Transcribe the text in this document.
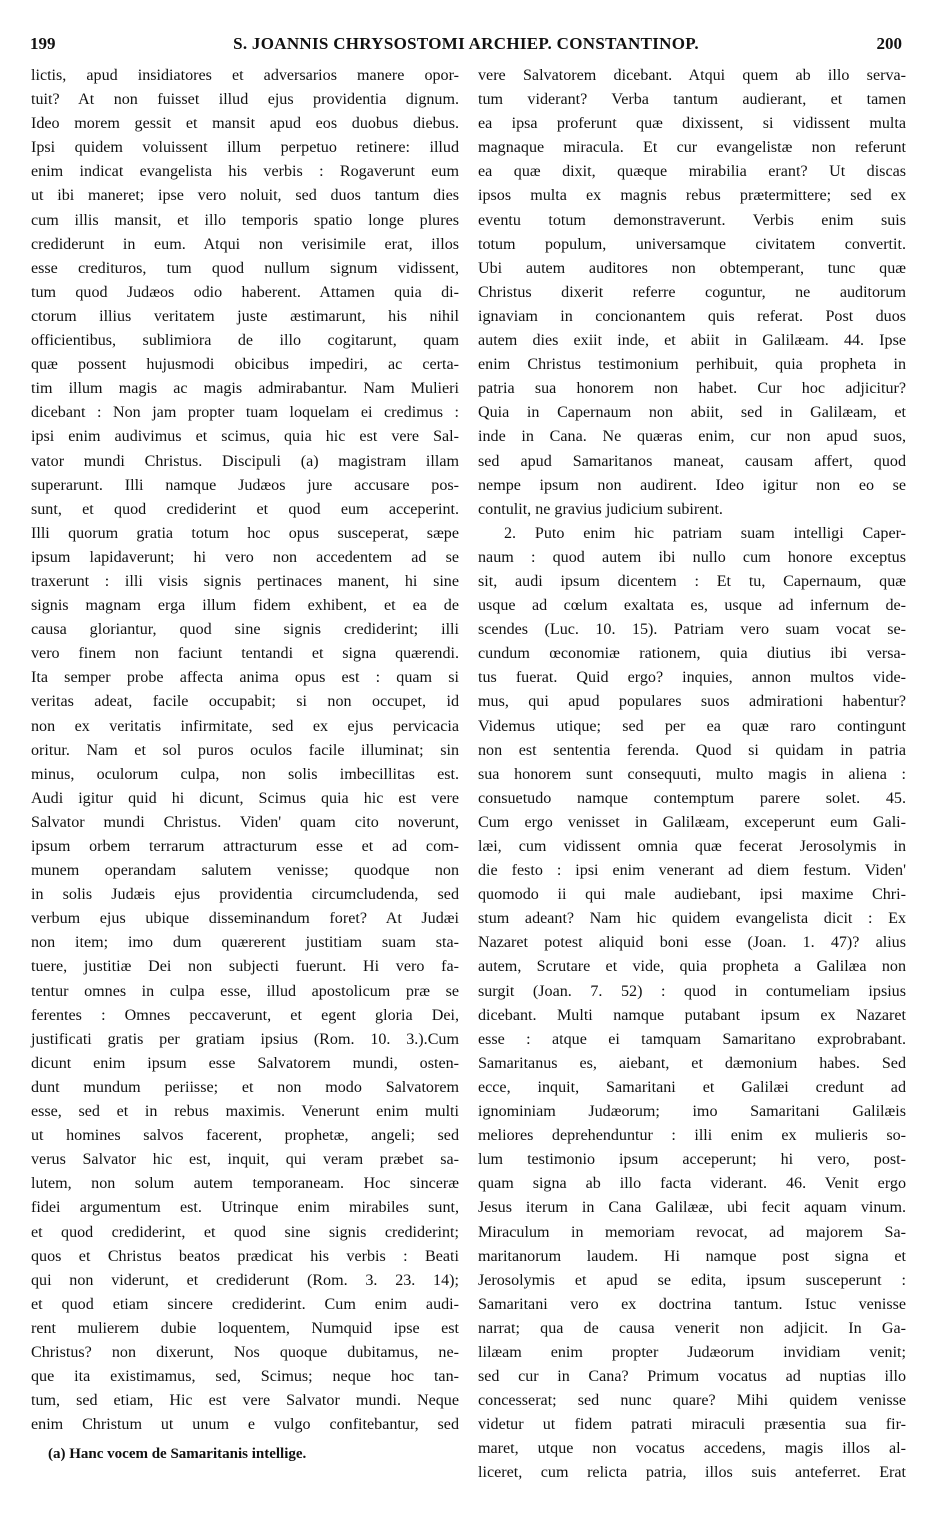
199	S. JOANNIS CHRYSOSTOMI ARCHIEP. CONSTANTINOP.	200
lictis, apud insidiatores et adversarios manere opor-
tuit? At non fuisset illud ejus providentia dignum.
Ideo morem gessit et mansit apud eos duobus diebus.
Ipsi quidem voluissent illum perpetuo retinere: illud
enim indicat evangelista his verbis : Rogaverunt eum
ut ibi maneret; ipse vero noluit, sed duos tantum dies
cum illis mansit, et illo temporis spatio longe plures
crediderunt in eum. Atqui non verisimile erat, illos
esse credituros, tum quod nullum signum vidissent,
tum quod Judæos odio haberent. Attamen quia di-
ctorum illius veritatem juste æstimarunt, his nihil
officientibus, sublimiora de illo cogitarunt, quam
quæ possent hujusmodi obicibus impediri, ac certa-
tim illum magis ac magis admirabantur. Nam Mulieri
dicebant : Non jam propter tuam loquelam ei credimus :
ipsi enim audivimus et scimus, quia hic est vere Sal-
vator mundi Christus. Discipuli (a) magistram illam
superarunt. Illi namque Judæos jure accusare pos-
sunt, et quod crediderint et quod eum acceperint.
Illi quorum gratia totum hoc opus susceperat, sæpe
ipsum lapidaverunt; hi vero non accedentem ad se
traxerunt : illi visis signis pertinaces manent, hi sine
signis magnam erga illum fidem exhibent, et ea de
causa gloriantur, quod sine signis crediderint; illi
vero finem non faciunt tentandi et signa quærendi.
Ita semper probe affecta anima opus est : quam si
veritas adeat, facile occupabit; si non occupet, id
non ex veritatis infirmitate, sed ex ejus pervicacia
oritur. Nam et sol puros oculos facile illuminat; sin
minus, oculorum culpa, non solis imbecillitas est.
Audi igitur quid hi dicunt, Scimus quia hic est vere
Salvator mundi Christus. Viden' quam cito noverunt,
ipsum orbem terrarum attracturum esse et ad com-
munem operandam salutem venisse; quodque non
in solis Judæis ejus providentia circumcludenda, sed
verbum ejus ubique disseminandum foret? At Judæi
non item; imo dum quærerent justitiam suam sta-
tuere, justitiæ Dei non subjecti fuerunt. Hi vero fa-
tentur omnes in culpa esse, illud apostolicum præ se
ferentes : Omnes peccaverunt, et egent gloria Dei,
justificati gratis per gratiam ipsius (Rom. 10. 3.).Cum
dicunt enim ipsum esse Salvatorem mundi, osten-
dunt mundum periisse; et non modo Salvatorem
esse, sed et in rebus maximis. Venerunt enim multi
ut homines salvos facerent, prophetæ, angeli; sed
verus Salvator hic est, inquit, qui veram præbet sa-
lutem, non solum autem temporaneam. Hoc sinceræ
fidei argumentum est. Utrinque enim mirabiles sunt,
et quod crediderint, et quod sine signis crediderint;
quos et Christus beatos prædicat his verbis : Beati
qui non viderunt, et crediderunt (Rom. 3. 23. 14);
et quod etiam sincere crediderint. Cum enim audi-
rent mulierem dubie loquentem, Numquid ipse est
Christus? non dixerunt, Nos quoque dubitamus, ne-
que ita existimamus, sed, Scimus; neque hoc tan-
tum, sed etiam, Hic est vere Salvator mundi. Neque
enim Christum ut unum e vulgo confitebantur, sed
vere Salvatorem dicebant. Atqui quem ab illo serva-
tum viderant? Verba tantum audierant, et tamen
ea ipsa proferunt quæ dixissent, si vidissent multa
magnaque miracula. Et cur evangelistæ non referunt
ea quæ dixit, quæque mirabilia erant? Ut discas
ipsos multa ex magnis rebus prætermittere; sed ex
eventu totum demonstraverunt. Verbis enim suis
totum populum, universamque civitatem convertit.
Ubi autem auditores non obtemperant, tunc quæ
Christus dixerit referre coguntur, ne auditorum
ignaviam in concionantem quis referat. Post duos
autem dies exiit inde, et abiit in Galilæam. 44. Ipse
enim Christus testimonium perhibuit, quia propheta in
patria sua honorem non habet. Cur hoc adjicitur?
Quia in Capernaum non abiit, sed in Galilæam, et
inde in Cana. Ne quæras enim, cur non apud suos,
sed apud Samaritanos maneat, causam affert, quod
nempe ipsum non audirent. Ideo igitur non eo se
contulit, ne gravius judicium subirent.
2. Puto enim hic patriam suam intelligi Caper-
naum : quod autem ibi nullo cum honore exceptus
sit, audi ipsum dicentem : Et tu, Capernaum, quæ
usque ad cœlum exaltata es, usque ad infernum de-
scendes (Luc. 10. 15). Patriam vero suam vocat se-
cundum œconomiæ rationem, quia diutius ibi versa-
tus fuerat. Quid ergo? inquies, annon multos vide-
mus, qui apud populares suos admirationi habentur?
Videmus utique; sed per ea quæ raro contingunt
non est sententia ferenda. Quod si quidam in patria
sua honorem sunt consequuti, multo magis in aliena :
consuetudo namque contemptum parere solet. 45.
Cum ergo venisset in Galilæam, exceperunt eum Gali-
læi, cum vidissent omnia quæ fecerat Jerosolymis in
die festo : ipsi enim venerant ad diem festum. Viden'
quomodo ii qui male audiebant, ipsi maxime Chri-
stum adeant? Nam hic quidem evangelista dicit : Ex
Nazaret potest aliquid boni esse (Joan. 1. 47)? alius
autem, Scrutare et vide, quia propheta a Galilæa non
surgit (Joan. 7. 52) : quod in contumeliam ipsius
dicebant. Multi namque putabant ipsum ex Nazaret
esse : atque ei tamquam Samaritano exprobrabant.
Samaritanus es, aiebant, et dæmonium habes. Sed
ecce, inquit, Samaritani et Galilæi credunt ad
ignominiam Judæorum; imo Samaritani Galilæis
meliores deprehenduntur : illi enim ex mulieris so-
lum testimonio ipsum acceperunt; hi vero, post-
quam signa ab illo facta viderant. 46. Venit ergo
Jesus iterum in Cana Galilææ, ubi fecit aquam vinum.
Miraculum in memoriam revocat, ad majorem Sa-
maritanorum laudem. Hi namque post signa et
Jerosolymis et apud se edita, ipsum susceperunt :
Samaritani vero ex doctrina tantum. Istuc venisse
narrat; qua de causa venerit non adjicit. In Ga-
lilæam enim propter Judæorum invidiam venit;
sed cur in Cana? Primum vocatus ad nuptias illo
concesserat; sed nunc quare? Mihi quidem venisse
videtur ut fidem patrati miraculi præsentia sua fir-
maret, utque non vocatus accedens, magis illos al-
liceret, cum relicta patria, illos suis anteferret. Erat
(a) Hanc vocem de Samaritanis intellige.
